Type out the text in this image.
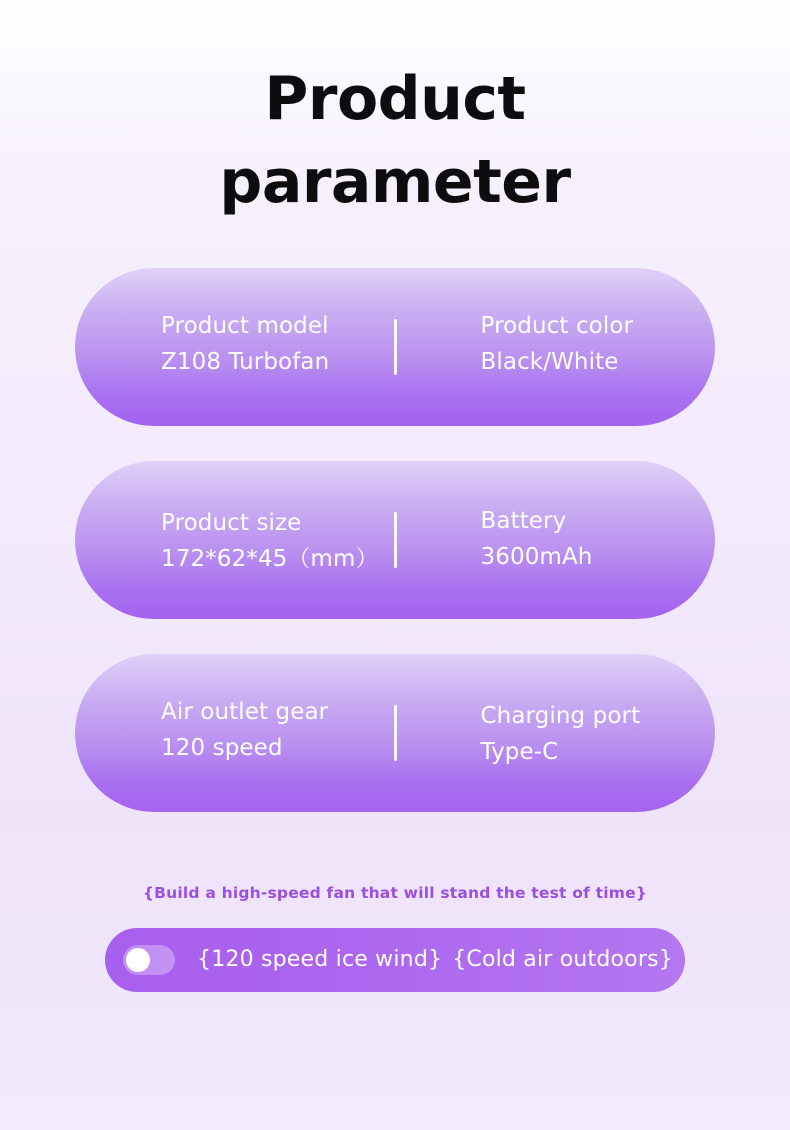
Product
parameter
Product model
Z108 Turbofan
Product color
Black/White
Product size
172*62*45（mm）
Battery
3600mAh
Air outlet gear
120 speed
Charging port
Type-C
{Build a high-speed fan that will stand the test of time}
{120 speed ice wind} {Cold air outdoors}
